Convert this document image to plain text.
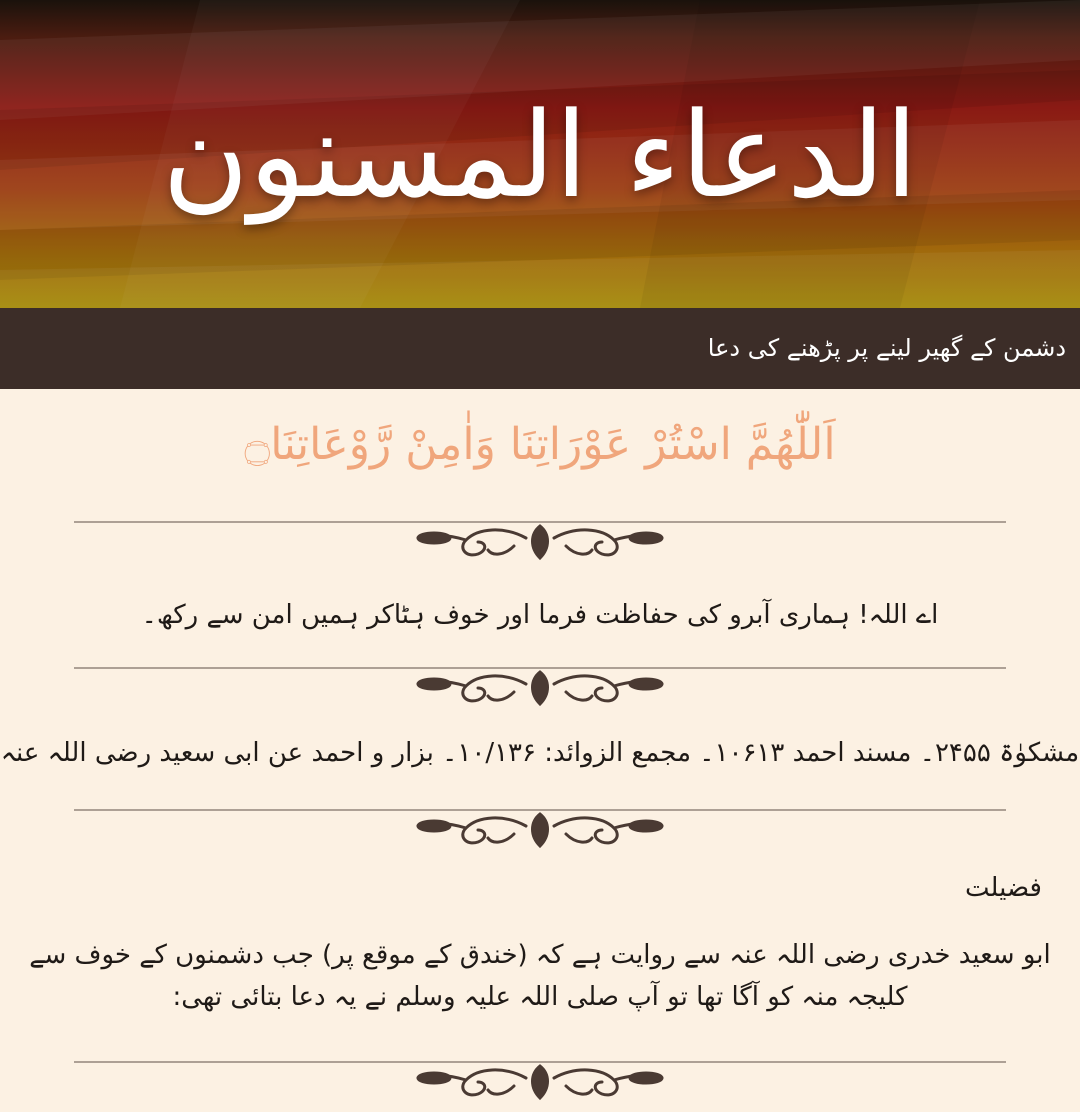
الدعاء المسنون
دشمن کے گھیر لینے پر پڑھنے کی دعا
اَللّٰھُمَّ اسْتُرْ عَوْرَاتِنَا وَاٰمِنْ رَّوْعَاتِنَا۝
اے اللہ! ہماری آبرو کی حفاظت فرما اور خوف ہٹاکر ہمیں امن سے رکھ۔
مشکوٰۃ ۲۴۵۵۔ مسند احمد ۱۰۶۱۳۔ مجمع الزوائد: ۱۰/۱۳۶۔ بزار و احمد عن ابی سعید رضی اللہ عنہ
فضیلت
ابو سعید خدری رضی اللہ عنہ سے روایت ہے کہ (خندق کے موقع پر) جب دشمنوں کے خوف سے کلیجہ منہ کو آگا تھا تو آپ صلی اللہ علیہ وسلم نے یہ دعا بتائی تھی:
